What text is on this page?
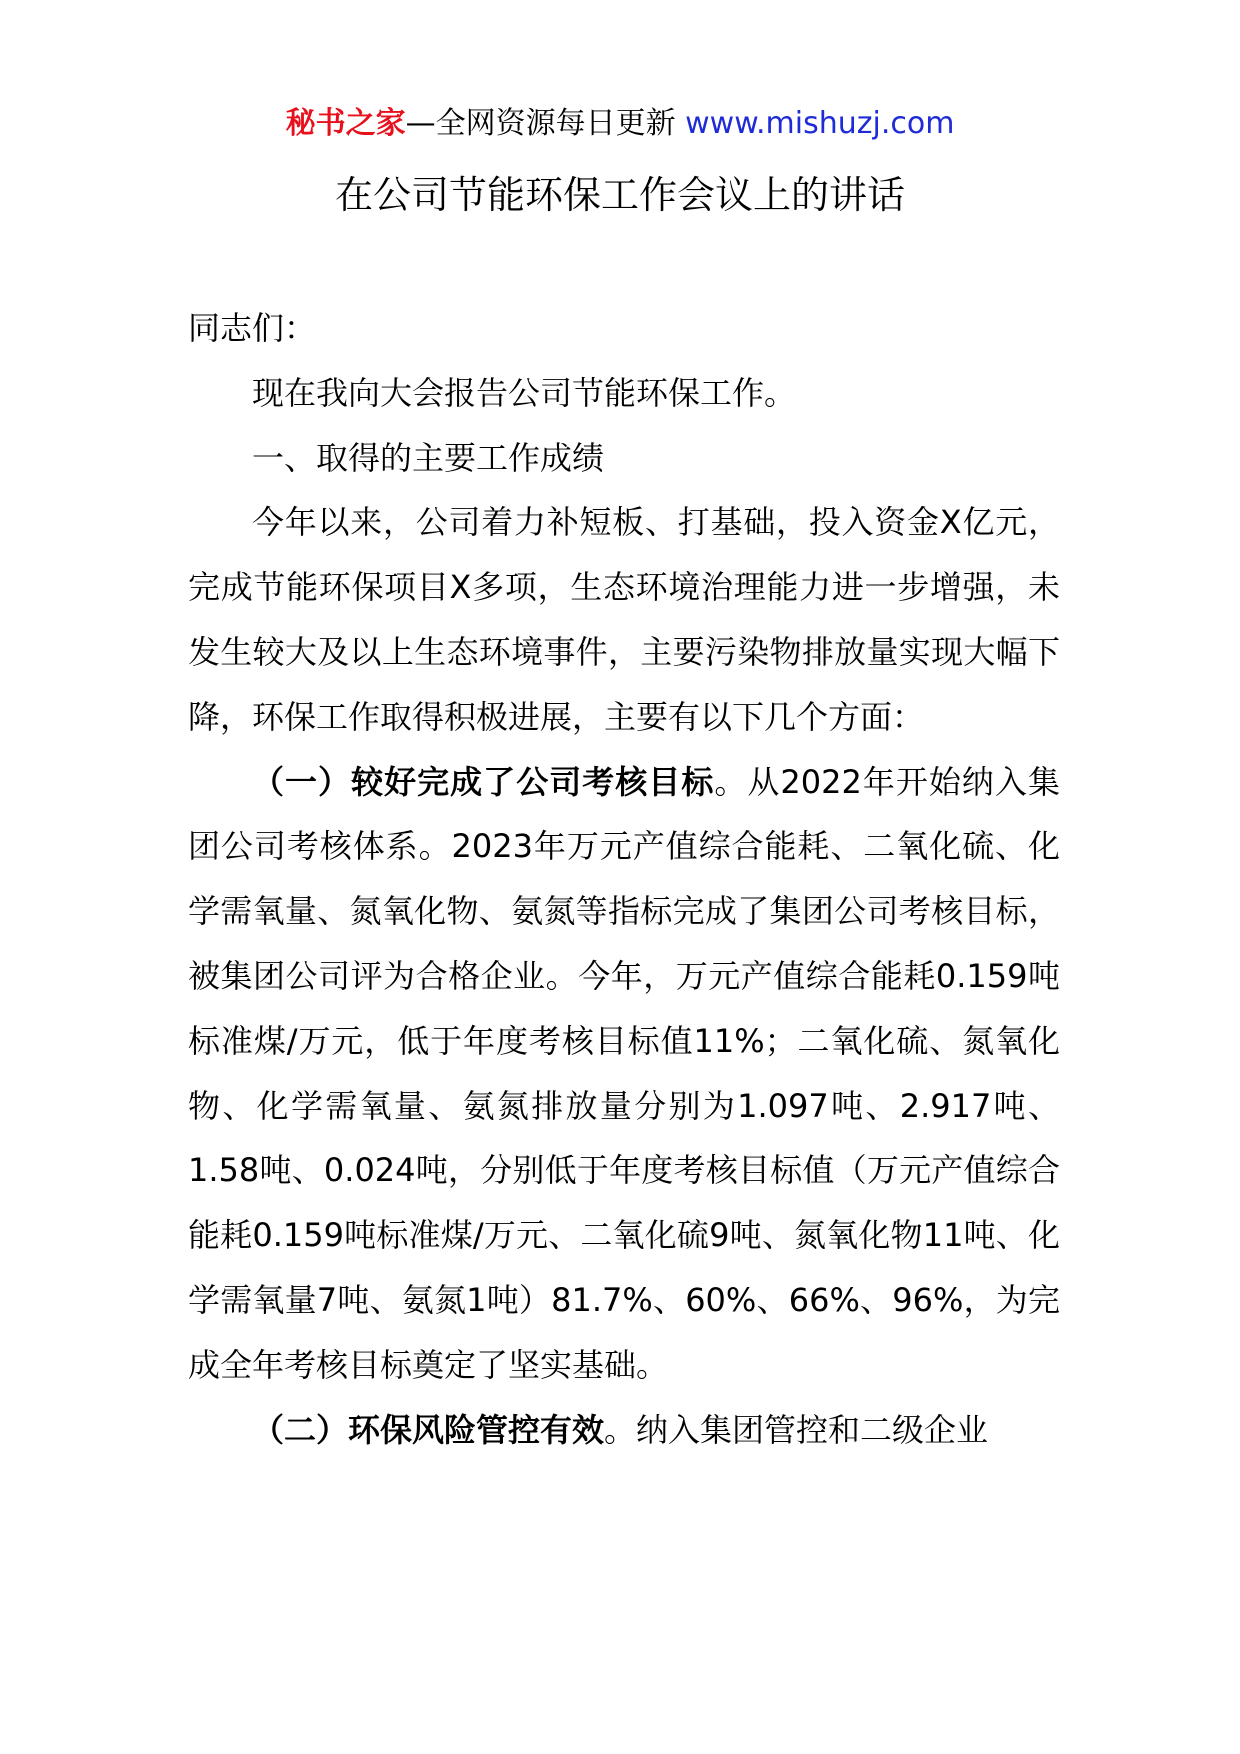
秘书之家—全网资源每日更新 www.mishuzj.com
在公司节能环保工作会议上的讲话

同志们：

现在我向大会报告公司节能环保工作。

一、取得的主要工作成绩

今年以来，公司着力补短板、打基础，投入资金X亿元，完成节能环保项目X多项，生态环境治理能力进一步增强，未发生较大及以上生态环境事件，主要污染物排放量实现大幅下降，环保工作取得积极进展，主要有以下几个方面：

（一）较好完成了公司考核目标。从2022年开始纳入集团公司考核体系。2023年万元产值综合能耗、二氧化硫、化学需氧量、氮氧化物、氨氮等指标完成了集团公司考核目标，被集团公司评为合格企业。今年，万元产值综合能耗0.159吨标准煤/万元，低于年度考核目标值11%；二氧化硫、氮氧化物、化学需氧量、氨氮排放量分别为1.097吨、2.917吨、1.58吨、0.024吨，分别低于年度考核目标值（万元产值综合能耗0.159吨标准煤/万元、二氧化硫9吨、氮氧化物11吨、化学需氧量7吨、氨氮1吨）81.7%、60%、66%、96%，为完成全年考核目标奠定了坚实基础。

（二）环保风险管控有效。纳入集团管控和二级企业
